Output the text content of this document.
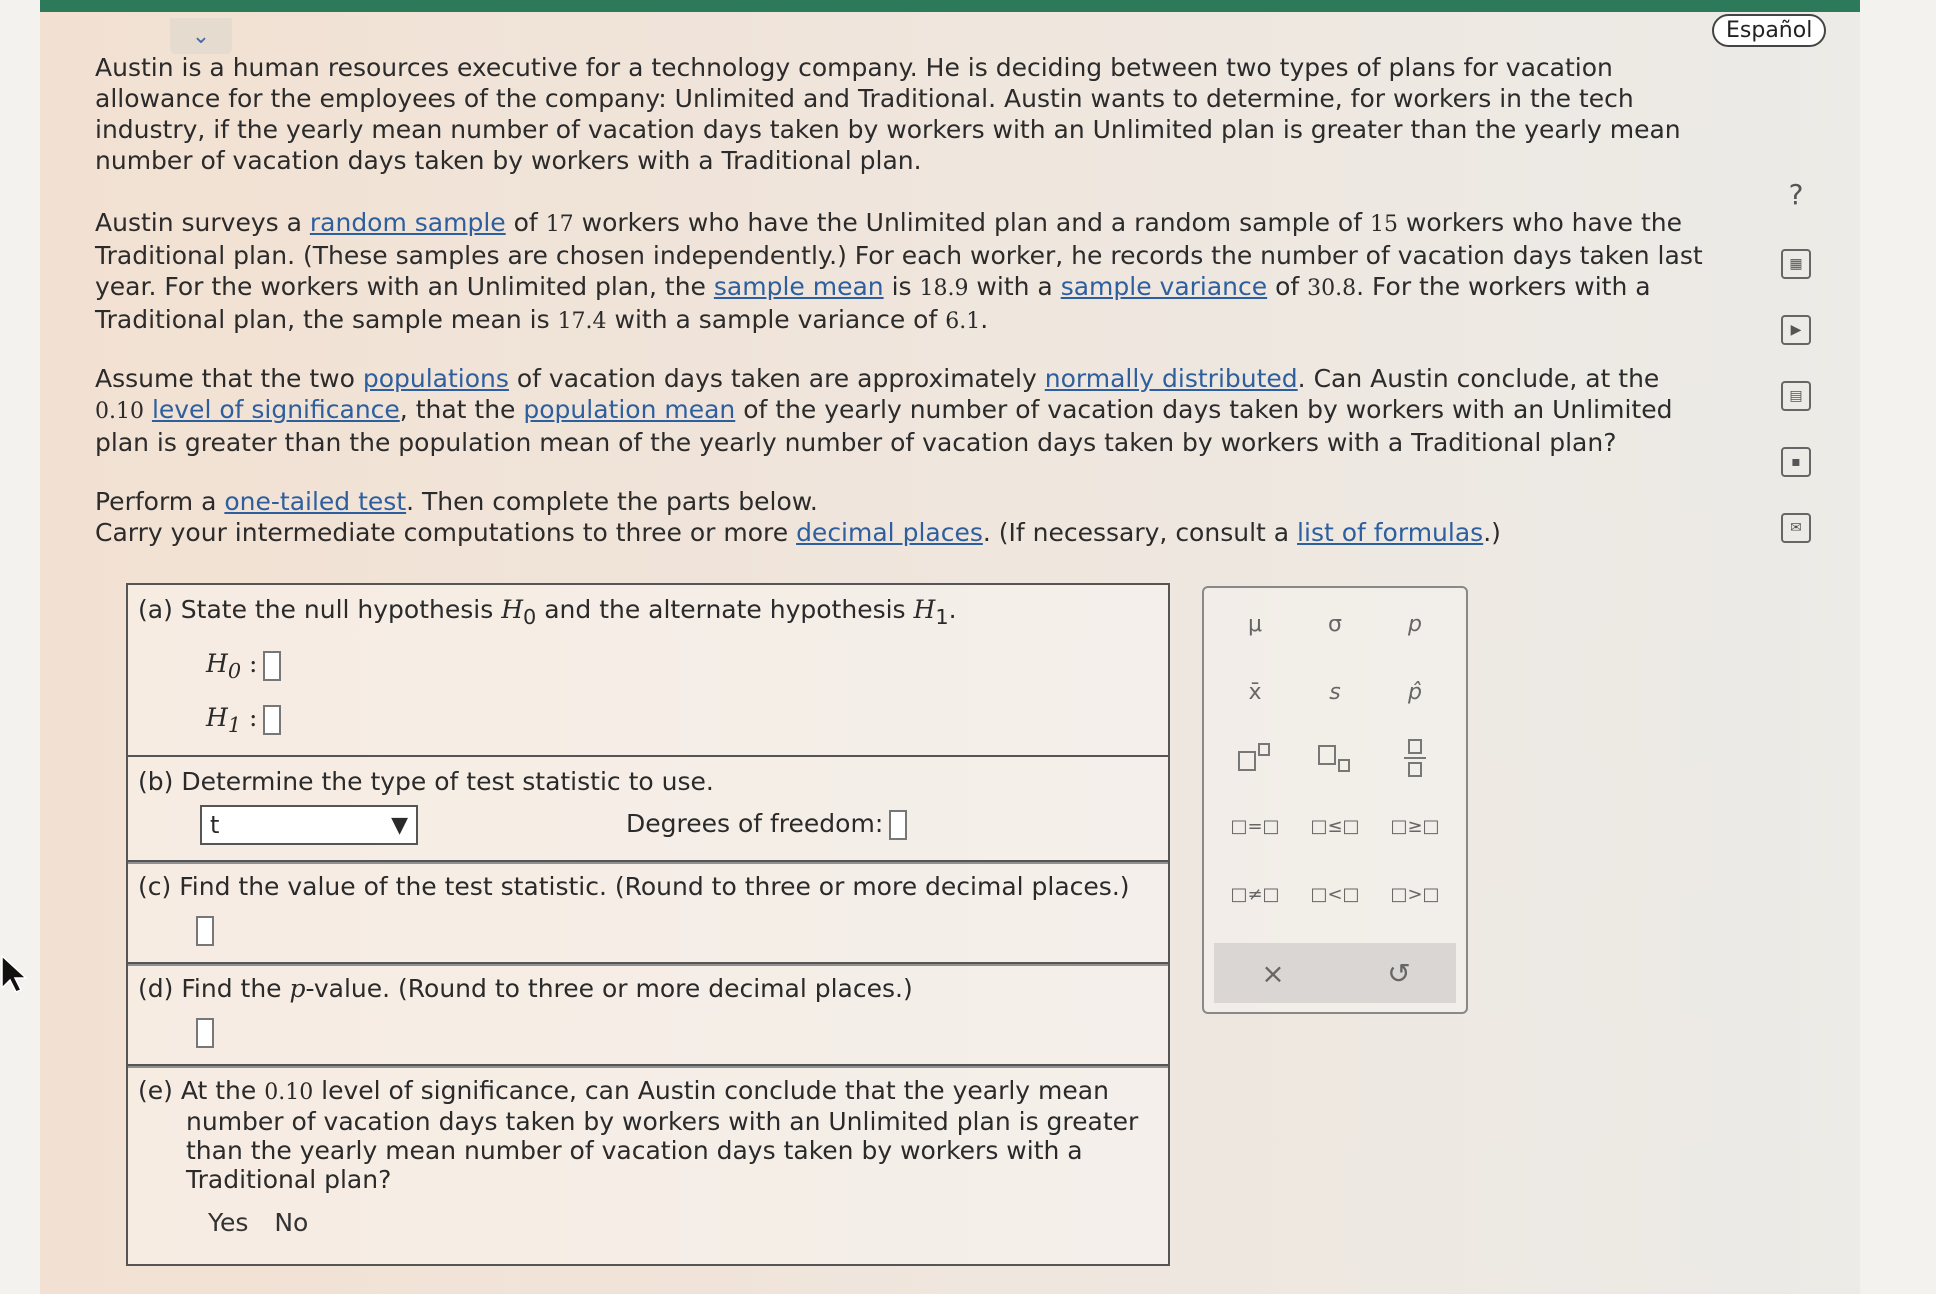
⌄	Español
Austin is a human resources executive for a technology company. He is deciding between two types of plans for vacation allowance for the employees of the company: Unlimited and Traditional. Austin wants to determine, for workers in the tech industry, if the yearly mean number of vacation days taken by workers with an Unlimited plan is greater than the yearly mean number of vacation days taken by workers with a Traditional plan.
Austin surveys a random sample of 17 workers who have the Unlimited plan and a random sample of 15 workers who have the Traditional plan. (These samples are chosen independently.) For each worker, he records the number of vacation days taken last year. For the workers with an Unlimited plan, the sample mean is 18.9 with a sample variance of 30.8. For the workers with a Traditional plan, the sample mean is 17.4 with a sample variance of 6.1.
Assume that the two populations of vacation days taken are approximately normally distributed. Can Austin conclude, at the 0.10 level of significance, that the population mean of the yearly number of vacation days taken by workers with an Unlimited plan is greater than the population mean of the yearly number of vacation days taken by workers with a Traditional plan?
Perform a one-tailed test. Then complete the parts below.
Carry your intermediate computations to three or more decimal places. (If necessary, consult a list of formulas.)
?
▦
▶
▤
▪
✉
(a) State the null hypothesis $H_0$ and the alternate hypothesis $H_1$.
$H_0$ :
$H_1$ :
(b) Determine the type of test statistic to use.
t	▼	Degrees of freedom:
(c) Find the value of the test statistic. (Round to three or more decimal places.)
(d) Find the p-value. (Round to three or more decimal places.)
(e) At the 0.10 level of significance, can Austin conclude that the yearly mean number of vacation days taken by workers with an Unlimited plan is greater than the yearly mean number of vacation days taken by workers with a Traditional plan?
Yes No
μ	σ	p
x̄	s	p̂
□=□	□≤□	□≥□
□≠□	□<□	□>□
×	↺
